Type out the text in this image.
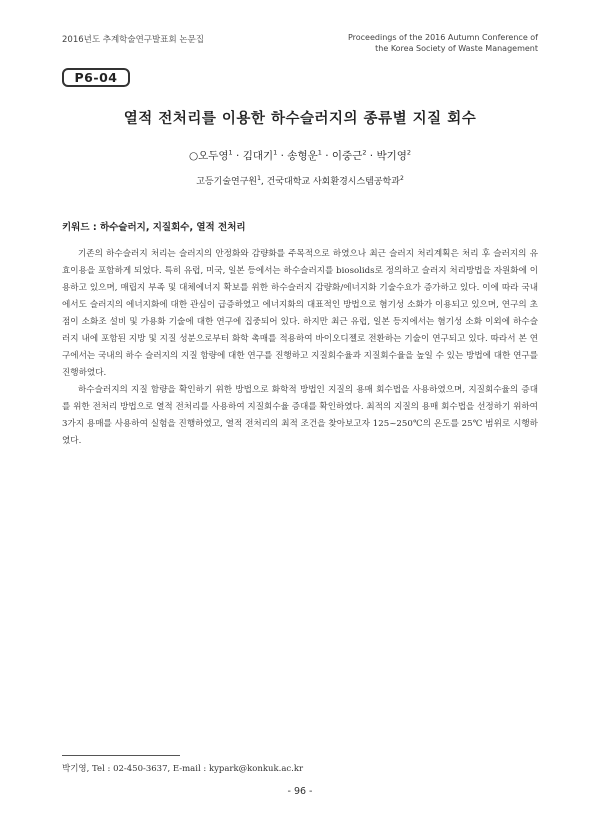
2016년도 추계학술연구발표회 논문집	Proceedings of the 2016 Autumn Conference of
the Korea Society of Waste Management
P6-04
열적 전처리를 이용한 하수슬러지의 종류별 지질 회수
○오두영$^1$ · 김대기$^1$ · 송형운$^1$ · 이중근$^2$ · 박기영$^2$
고등기술연구원$^1$, 건국대학교 사회환경시스템공학과$^2$
키워드 : 하수슬러지, 지질회수, 열적 전처리

기존의 하수슬러지 처리는 슬러지의 안정화와 감량화를 주목적으로 하였으나 최근 슬러지 처리계획은 처리 후 슬러지의 유효이용을 포함하게 되었다. 특히 유럽, 미국, 일본 등에서는 하수슬러지를 biosolids로 정의하고 슬러지 처리방법을 자원화에 이용하고 있으며, 매립지 부족 및 대체에너지 확보를 위한 하수슬러지 감량화/에너지화 기술수요가 증가하고 있다. 이에 따라 국내에서도 슬러지의 에너지화에 대한 관심이 급증하였고 에너지화의 대표적인 방법으로 혐기성 소화가 이용되고 있으며, 연구의 초점이 소화조 설비 및 가용화 기술에 대한 연구에 집중되어 있다. 하지만 최근 유럽, 일본 등지에서는 혐기성 소화 이외에 하수슬러지 내에 포함된 지방 및 지질 성분으로부터 화학 촉매를 적용하여 바이오디젤로 전환하는 기술이 연구되고 있다. 따라서 본 연구에서는 국내의 하수 슬러지의 지질 함량에 대한 연구를 진행하고 지질회수율과 지질회수율을 높일 수 있는 방법에 대한 연구를 진행하였다.

하수슬러지의 지질 함량을 확인하기 위한 방법으로 화학적 방법인 지질의 용매 회수법을 사용하였으며, 지질회수율의 증대를 위한 전처리 방법으로 열적 전처리를 사용하여 지질회수율 증대를 확인하였다. 최적의 지질의 용매 회수법을 선정하기 위하여 3가지 용매를 사용하여 실험을 진행하였고, 열적 전처리의 최적 조건을 찾아보고자 125~250℃의 온도를 25℃ 범위로 시행하였다.

박기영, Tel : 02-450-3637, E-mail : kypark@konkuk.ac.kr
- 96 -
